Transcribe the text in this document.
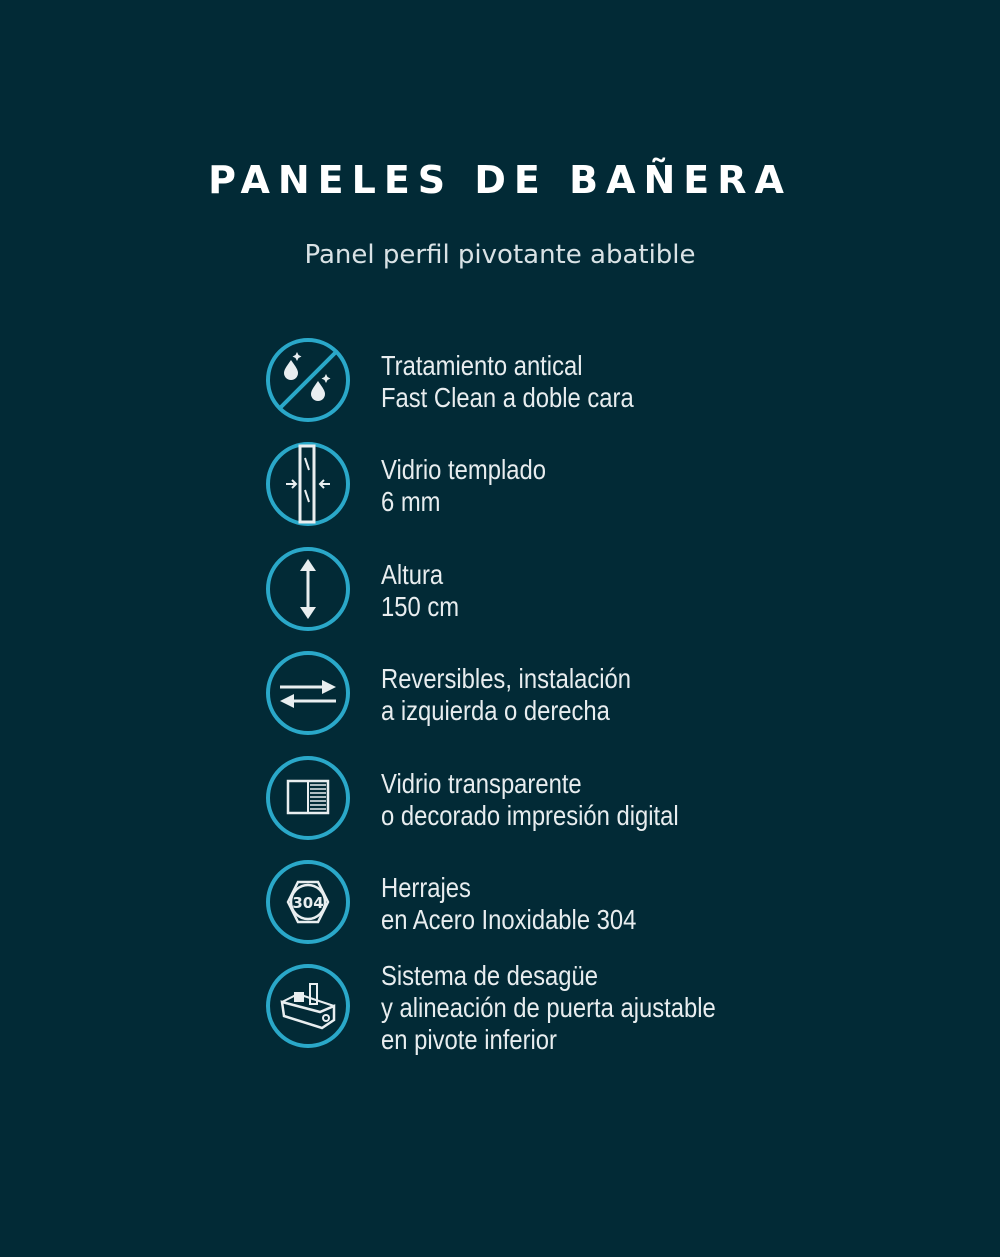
PANELES DE BAÑERA
Panel perfil pivotante abatible
Tratamiento antical
Fast Clean a doble cara
Vidrio templado
6 mm
Altura
150 cm
Reversibles, instalación
a izquierda o derecha
Vidrio transparente
o decorado impresión digital
304 Herrajes
en Acero Inoxidable 304
Sistema de desagüe
y alineación de puerta ajustable
en pivote inferior
